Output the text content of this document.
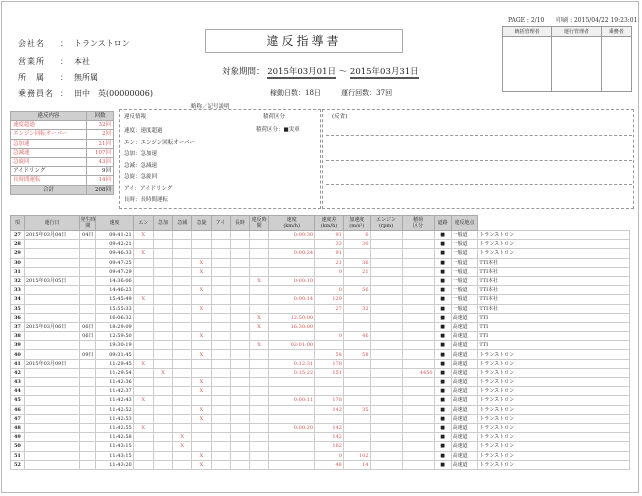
PAGE : 2/10 印刷 : 2015/04/22 19:23:01
統括管理者	運行管理者	乗務者

違反指導書
会社名 ： トランストロン
営業所 ： 本社
所　属 ： 無所属
乗務員名 ： 田中　英(00000006)
対象期間： 2015年03月01日 ～ 2015年03月31日
稼動日数：18日	運行回数：37回
略称／記号説明
積荷区分
違反内容	回数
速度超過	32回
エンジン回転オーバー	2回
急加速	21回
急減速	107回
急旋回	43回
アイドリング	9回
長時間運転	14回
合計	208回
違反情報
速度：速度超過
エン：エンジン回転オーバー
急加：急加速
急減：急減速
急旋：急旋回
アイ：アイドリング
長時：長時間運転
積荷区分：■実車
(反省)
項	運行日	発生時間	速度	エン	急加	急減	急旋	アイ	長時	違反時間	速度
(km/h)	速度差
(km/h)	加速度
(m/s²)	エンジン
(rpm)	積荷
区分	道路	違反地点	
27	2015年03月04日	04日	09:41:21	X							0:00:30	91	6			■	一般道	トランストロン
28			09:42:21									33	30			■	一般道	トランストロン
29			09:46:33	X							0:00:24	91				■	一般道	トランストロン
30			09:47:25				X					21	36			■	一般道	TTI本社
31			09:47:29				X					0	21			■	一般道	TTI本社
32	2015年03月05日		14:36:06							X	0:00:10					■	一般道	TTI本社
33			14:46:23				X					0	56			■	一般道	TTI本社
34			15:45:49	X							0:00:14	129				■	一般道	TTI本社
35			15:55:33				X					27	32			■	一般道	TTI本社
36			16:06:32							X	12:50:00					■	高速道	TTI
37	2015年03月06日	06日	18:29:09							X	16:30:00					■	高速道	TTI
38		06日	12:59:50				X					0	46			■	高速道	TTI
39			19:30:19							X	02:01:00					■	高速道	TTI
40		09日	09:31:45				X					58	58			■	高速道	トランストロン
41	2015年03月09日		11:29:45	X							0:12:31	178				■	高速道	トランストロン
42			11:29:54		X						0:15:22	151			4450	■	高速道	トランストロン
43			11:42:36				X									■	高速道	トランストロン
44			11:42:37				X									■	高速道	トランストロン
45			11:42:43	X							0:00:11	178				■	高速道	トランストロン
46			11:42:52				X					142	35			■	高速道	トランストロン
47			11:42:53				X									■	高速道	トランストロン
48			11:42:55	X							0:00:20	142				■	高速道	トランストロン
49			11:42:58			X						142				■	高速道	トランストロン
50			11:43:15			X						162				■	高速道	トランストロン
51			11:43:15				X					0	102			■	高速道	トランストロン
52			11:43:20				X					48	14			■	高速道	トランストロン
